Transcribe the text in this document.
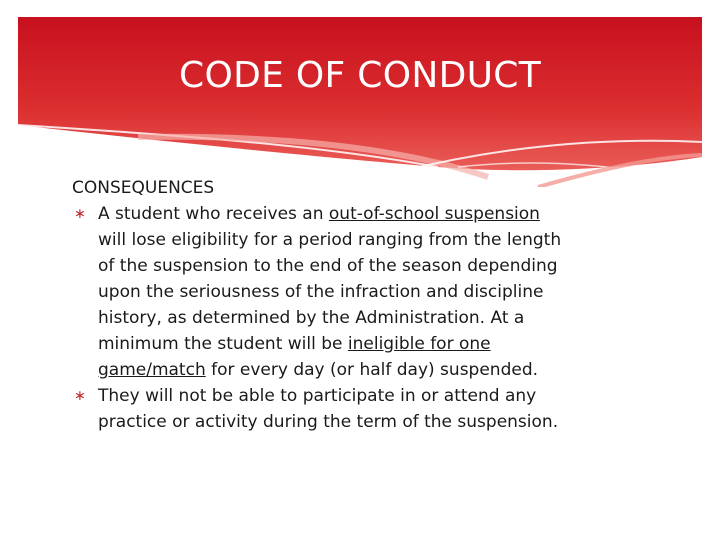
CODE OF CONDUCT

CONSEQUENCES

∗ A student who receives an out-of-school suspension
will lose eligibility for a period ranging from the length
of the suspension to the end of the season depending
upon the seriousness of the infraction and discipline
history, as determined by the Administration. At a
minimum the student will be ineligible for one
game/match for every day (or half day) suspended.
∗ They will not be able to participate in or attend any
practice or activity during the term of the suspension.
